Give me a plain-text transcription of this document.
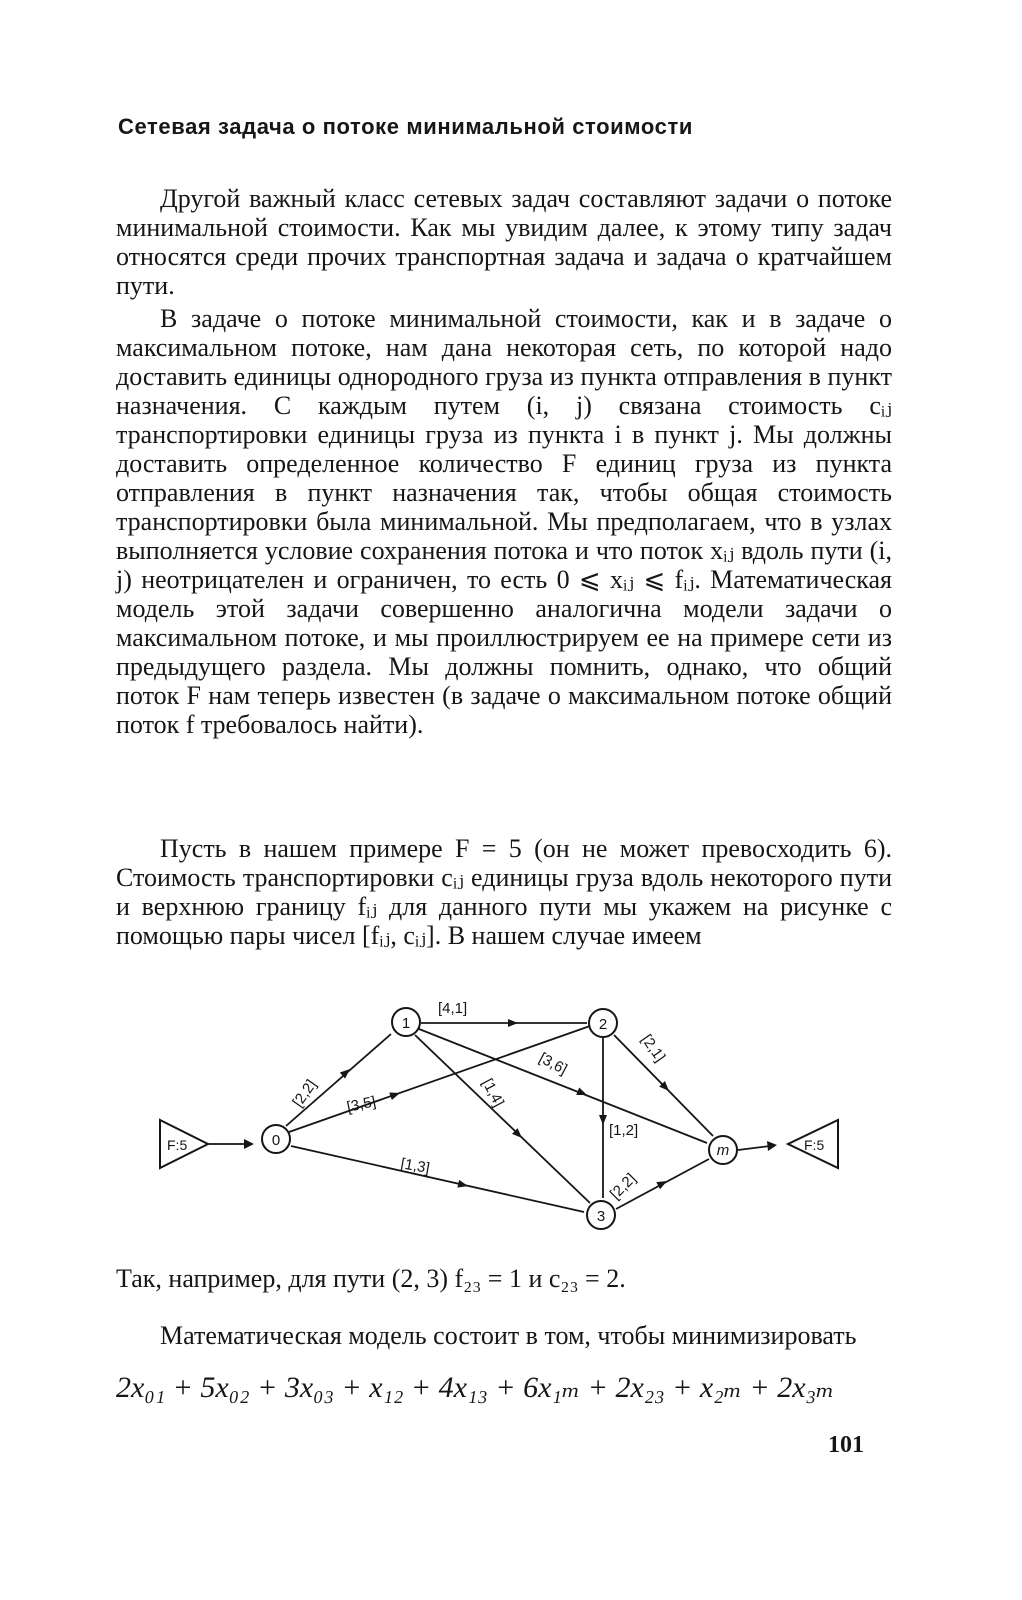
Сетевая задача о потоке минимальной стоимости

Другой важный класс сетевых задач составляют задачи о потоке минимальной стоимости. Как мы увидим далее, к этому типу задач относятся среди прочих транспортная задача и задача о кратчайшем пути.

В задаче о потоке минимальной стоимости, как и в задаче о максимальном потоке, нам дана некоторая сеть, по которой надо доставить единицы однородного груза из пункта отправления в пункт назначения. С каждым путем (i, j) связана стоимость cᵢⱼ транспортировки единицы груза из пункта i в пункт j. Мы должны доставить определенное количество F единиц груза из пункта отправления в пункт назначения так, чтобы общая стоимость транспортировки была минимальной. Мы предполагаем, что в узлах выполняется условие сохранения потока и что поток xᵢⱼ вдоль пути (i, j) неотрицателен и ограничен, то есть 0 ⩽ xᵢⱼ ⩽ fᵢⱼ. Математическая модель этой задачи совершенно аналогична модели задачи о максимальном потоке, и мы проиллюстрируем ее на примере сети из предыдущего раздела. Мы должны помнить, однако, что общий поток F нам теперь известен (в задаче о максимальном потоке общий поток f требовалось найти).

Пусть в нашем примере F = 5 (он не может превосходить 6). Стоимость транспортировки cᵢⱼ единицы груза вдоль некоторого пути и верхнюю границу fᵢⱼ для данного пути мы укажем на рисунке с помощью пары чисел [fᵢⱼ, cᵢⱼ]. В нашем случае имеем

F:5	F:5
[2,2] [3,5]
[1,3]
[4,1]
[1,4]
[3,6]
[1,2]
[2,1]
[2,2]
0
1	2
3
m
Так, например, для пути (2, 3) f₂₃ = 1 и c₂₃ = 2.

Математическая модель состоит в том, чтобы минимизировать

2x₀₁ + 5x₀₂ + 3x₀₃ + x₁₂ + 4x₁₃ + 6x₁ₘ + 2x₂₃ + x₂ₘ + 2x₃ₘ
101
